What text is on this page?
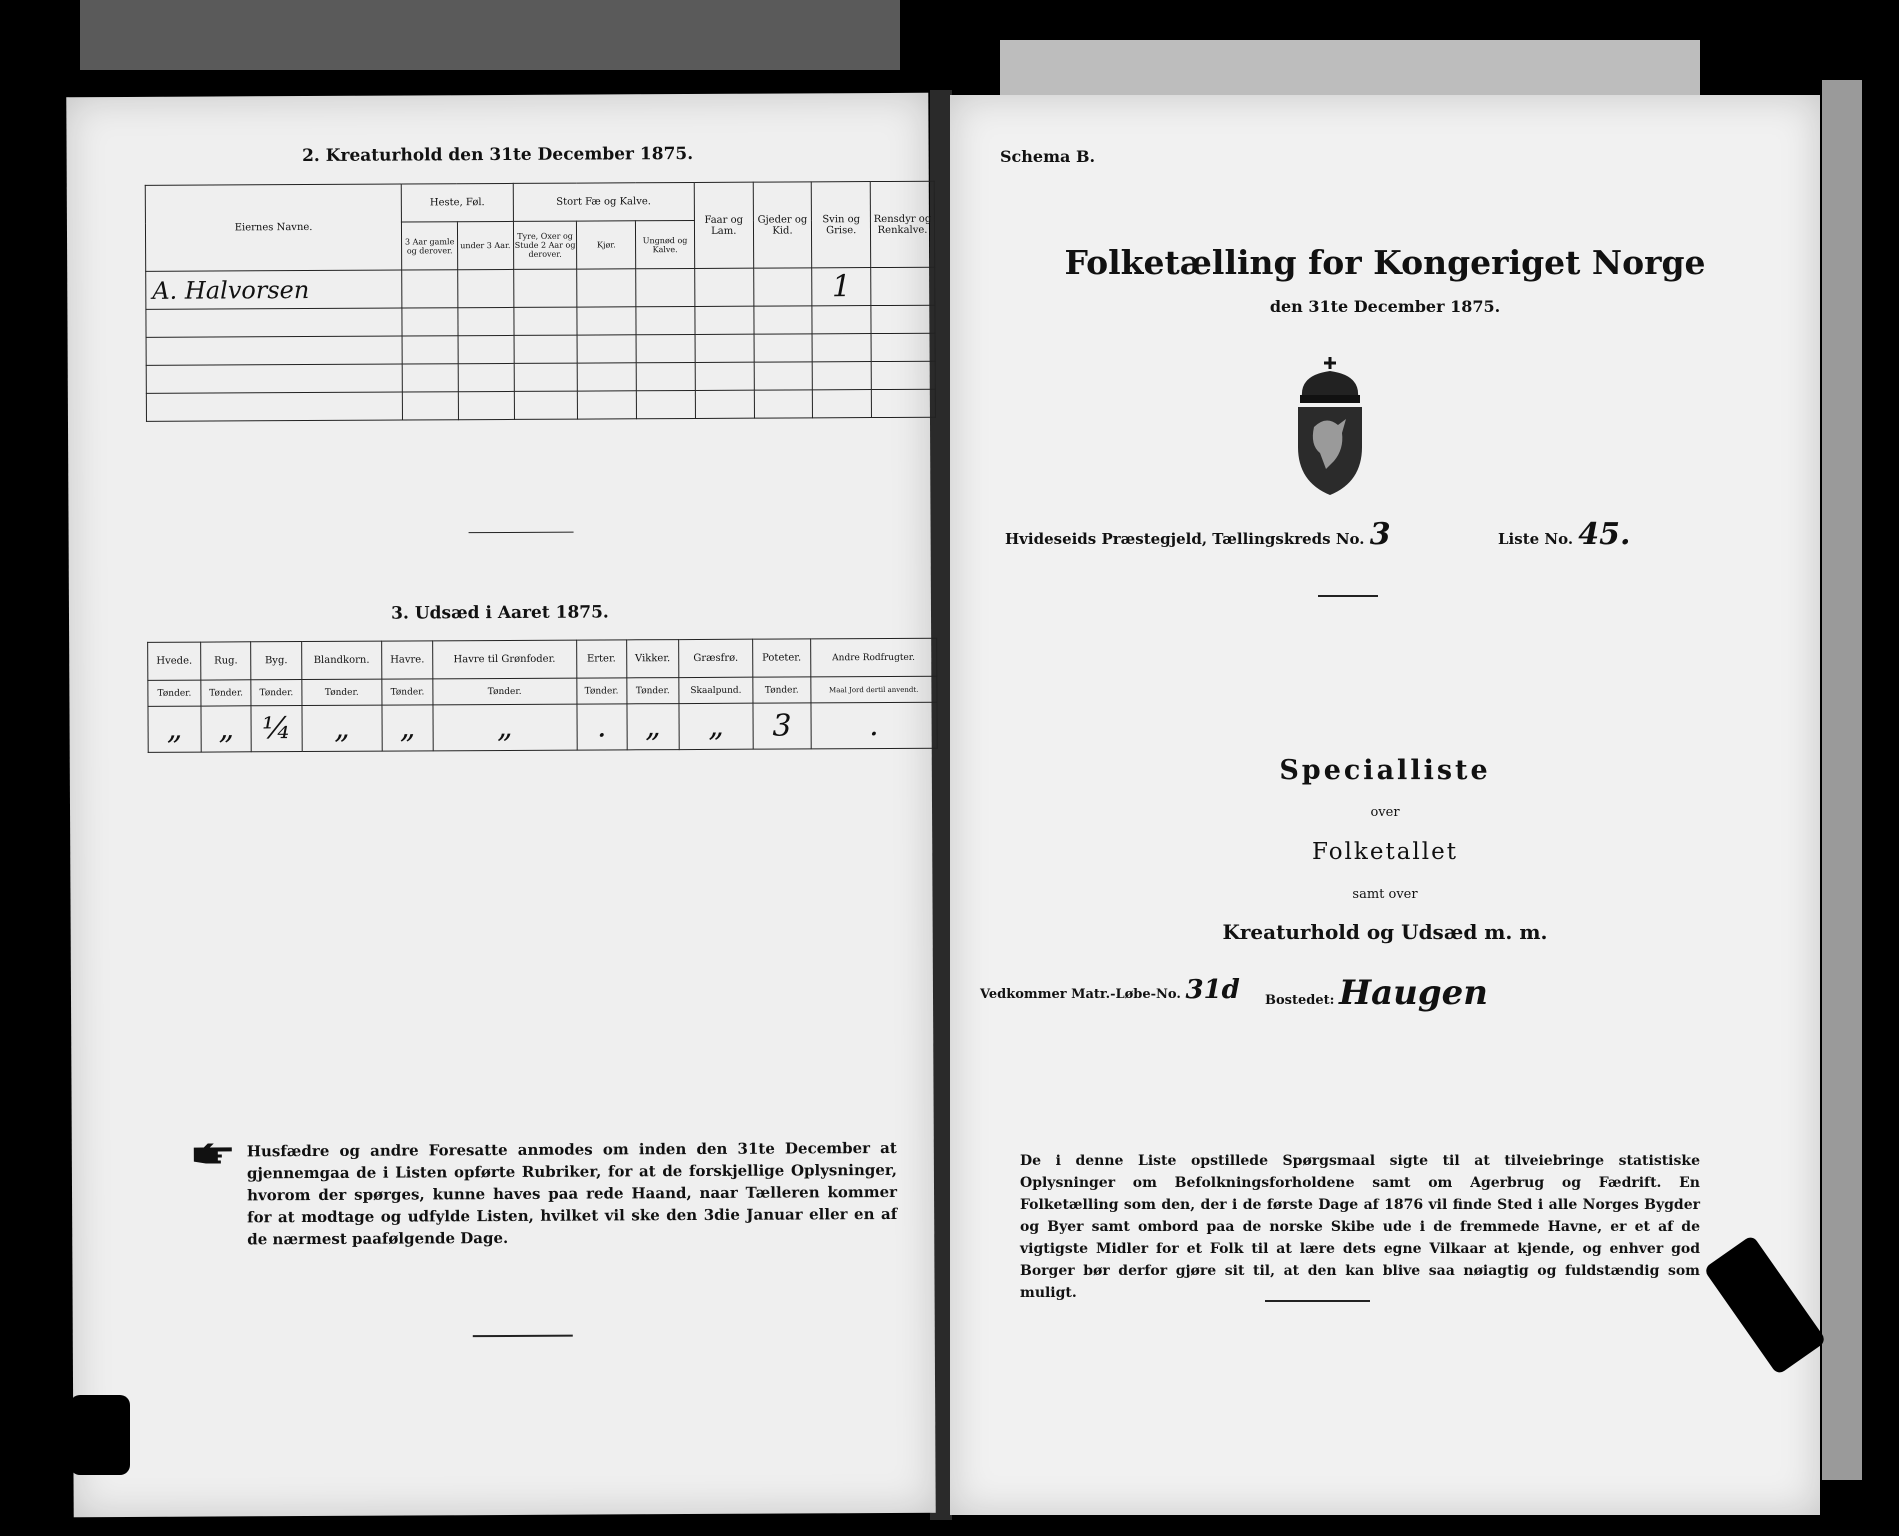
2. Kreaturhold den 31te December 1875.
Eiernes Navne.	Heste, Føl.		Stort Fæ og Kalve.			Faar og Lam.	Gjeder og Kid.	Svin og Grise.	Rensdyr og Renkalve.
	3 Aar gamle og derover.	under 3 Aar.	Tyre, Oxer og Stude 2 Aar og derover.	Kjør.	Ungnød og Kalve.				
A. Halvorsen								1	

3. Udsæd i Aaret 1875.
Hvede.	Rug.	Byg.	Blandkorn.	Havre.	Havre til Grønfoder.	Erter.	Vikker.	Græsfrø.	Poteter.	Andre Rodfrugter.
Tønder.	Tønder.	Tønder.	Tønder.	Tønder.	Tønder.	Tønder.	Tønder.	Skaalpund.	Tønder.	Maal Jord dertil anvendt.
„	„	¼	„	„	„	.	„	„	3	.
Husfædre og andre Foresatte anmodes om inden den 31te December at gjennemgaa de i Listen opførte Rubriker, for at de forskjellige Oplysninger, hvorom der spørges, kunne haves paa rede Haand, naar Tælleren kommer for at modtage og udfylde Listen, hvilket vil ske den 3die Januar eller en af de nærmest paafølgende Dage.
Schema B.
Folketælling for Kongeriget Norge
den 31te December 1875.
Hvideseids Præstegjeld, Tællingskreds No. 3	Liste No. 45.
Specialliste
over
Folketallet
samt over
Kreaturhold og Udsæd m. m.
Vedkommer Matr.-Løbe-No. 31d Bostedet: Haugen
De i denne Liste opstillede Spørgsmaal sigte til at tilveiebringe statistiske Oplysninger om Befolkningsforholdene samt om Agerbrug og Fædrift. En Folketælling som den, der i de første Dage af 1876 vil finde Sted i alle Norges Bygder og Byer samt ombord paa de norske Skibe ude i de fremmede Havne, er et af de vigtigste Midler for et Folk til at lære dets egne Vilkaar at kjende, og enhver god Borger bør derfor gjøre sit til, at den kan blive saa nøiagtig og fuldstændig som muligt.
